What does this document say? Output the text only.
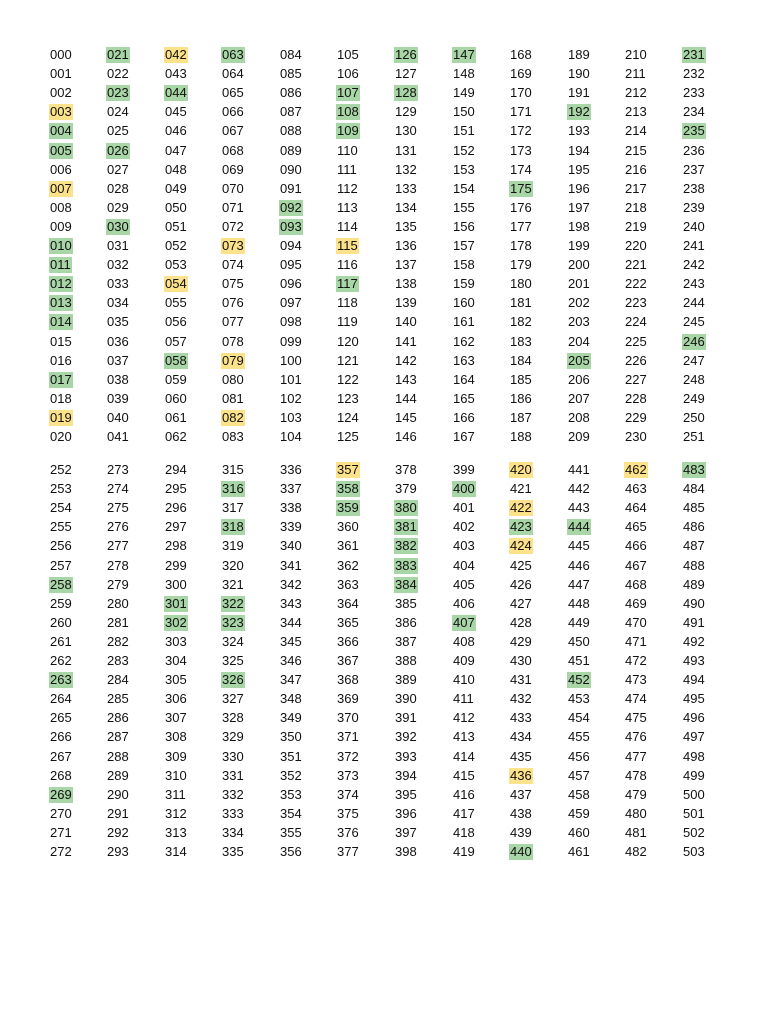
000
001
002
003
004
005
006
007
008
009
010
011
012
013
014
015
016
017
018
019
020
021
022
023
024
025
026
027
028
029
030
031
032
033
034
035
036
037
038
039
040
041
042
043
044
045
046
047
048
049
050
051
052
053
054
055
056
057
058
059
060
061
062
063
064
065
066
067
068
069
070
071
072
073
074
075
076
077
078
079
080
081
082
083
084
085
086
087
088
089
090
091
092
093
094
095
096
097
098
099
100
101
102
103
104
105
106
107
108
109
110
111
112
113
114
115
116
117
118
119
120
121
122
123
124
125
126
127
128
129
130
131
132
133
134
135
136
137
138
139
140
141
142
143
144
145
146
147
148
149
150
151
152
153
154
155
156
157
158
159
160
161
162
163
164
165
166
167
168
169
170
171
172
173
174
175
176
177
178
179
180
181
182
183
184
185
186
187
188
189
190
191
192
193
194
195
196
197
198
199
200
201
202
203
204
205
206
207
208
209
210
211
212
213
214
215
216
217
218
219
220
221
222
223
224
225
226
227
228
229
230
231
232
233
234
235
236
237
238
239
240
241
242
243
244
245
246
247
248
249
250
251
252
253
254
255
256
257
258
259
260
261
262
263
264
265
266
267
268
269
270
271
272
273
274
275
276
277
278
279
280
281
282
283
284
285
286
287
288
289
290
291
292
293
294
295
296
297
298
299
300
301
302
303
304
305
306
307
308
309
310
311
312
313
314
315
316
317
318
319
320
321
322
323
324
325
326
327
328
329
330
331
332
333
334
335
336
337
338
339
340
341
342
343
344
345
346
347
348
349
350
351
352
353
354
355
356
357
358
359
360
361
362
363
364
365
366
367
368
369
370
371
372
373
374
375
376
377
378
379
380
381
382
383
384
385
386
387
388
389
390
391
392
393
394
395
396
397
398
399
400
401
402
403
404
405
406
407
408
409
410
411
412
413
414
415
416
417
418
419
420
421
422
423
424
425
426
427
428
429
430
431
432
433
434
435
436
437
438
439
440
441
442
443
444
445
446
447
448
449
450
451
452
453
454
455
456
457
458
459
460
461
462
463
464
465
466
467
468
469
470
471
472
473
474
475
476
477
478
479
480
481
482
483
484
485
486
487
488
489
490
491
492
493
494
495
496
497
498
499
500
501
502
503
